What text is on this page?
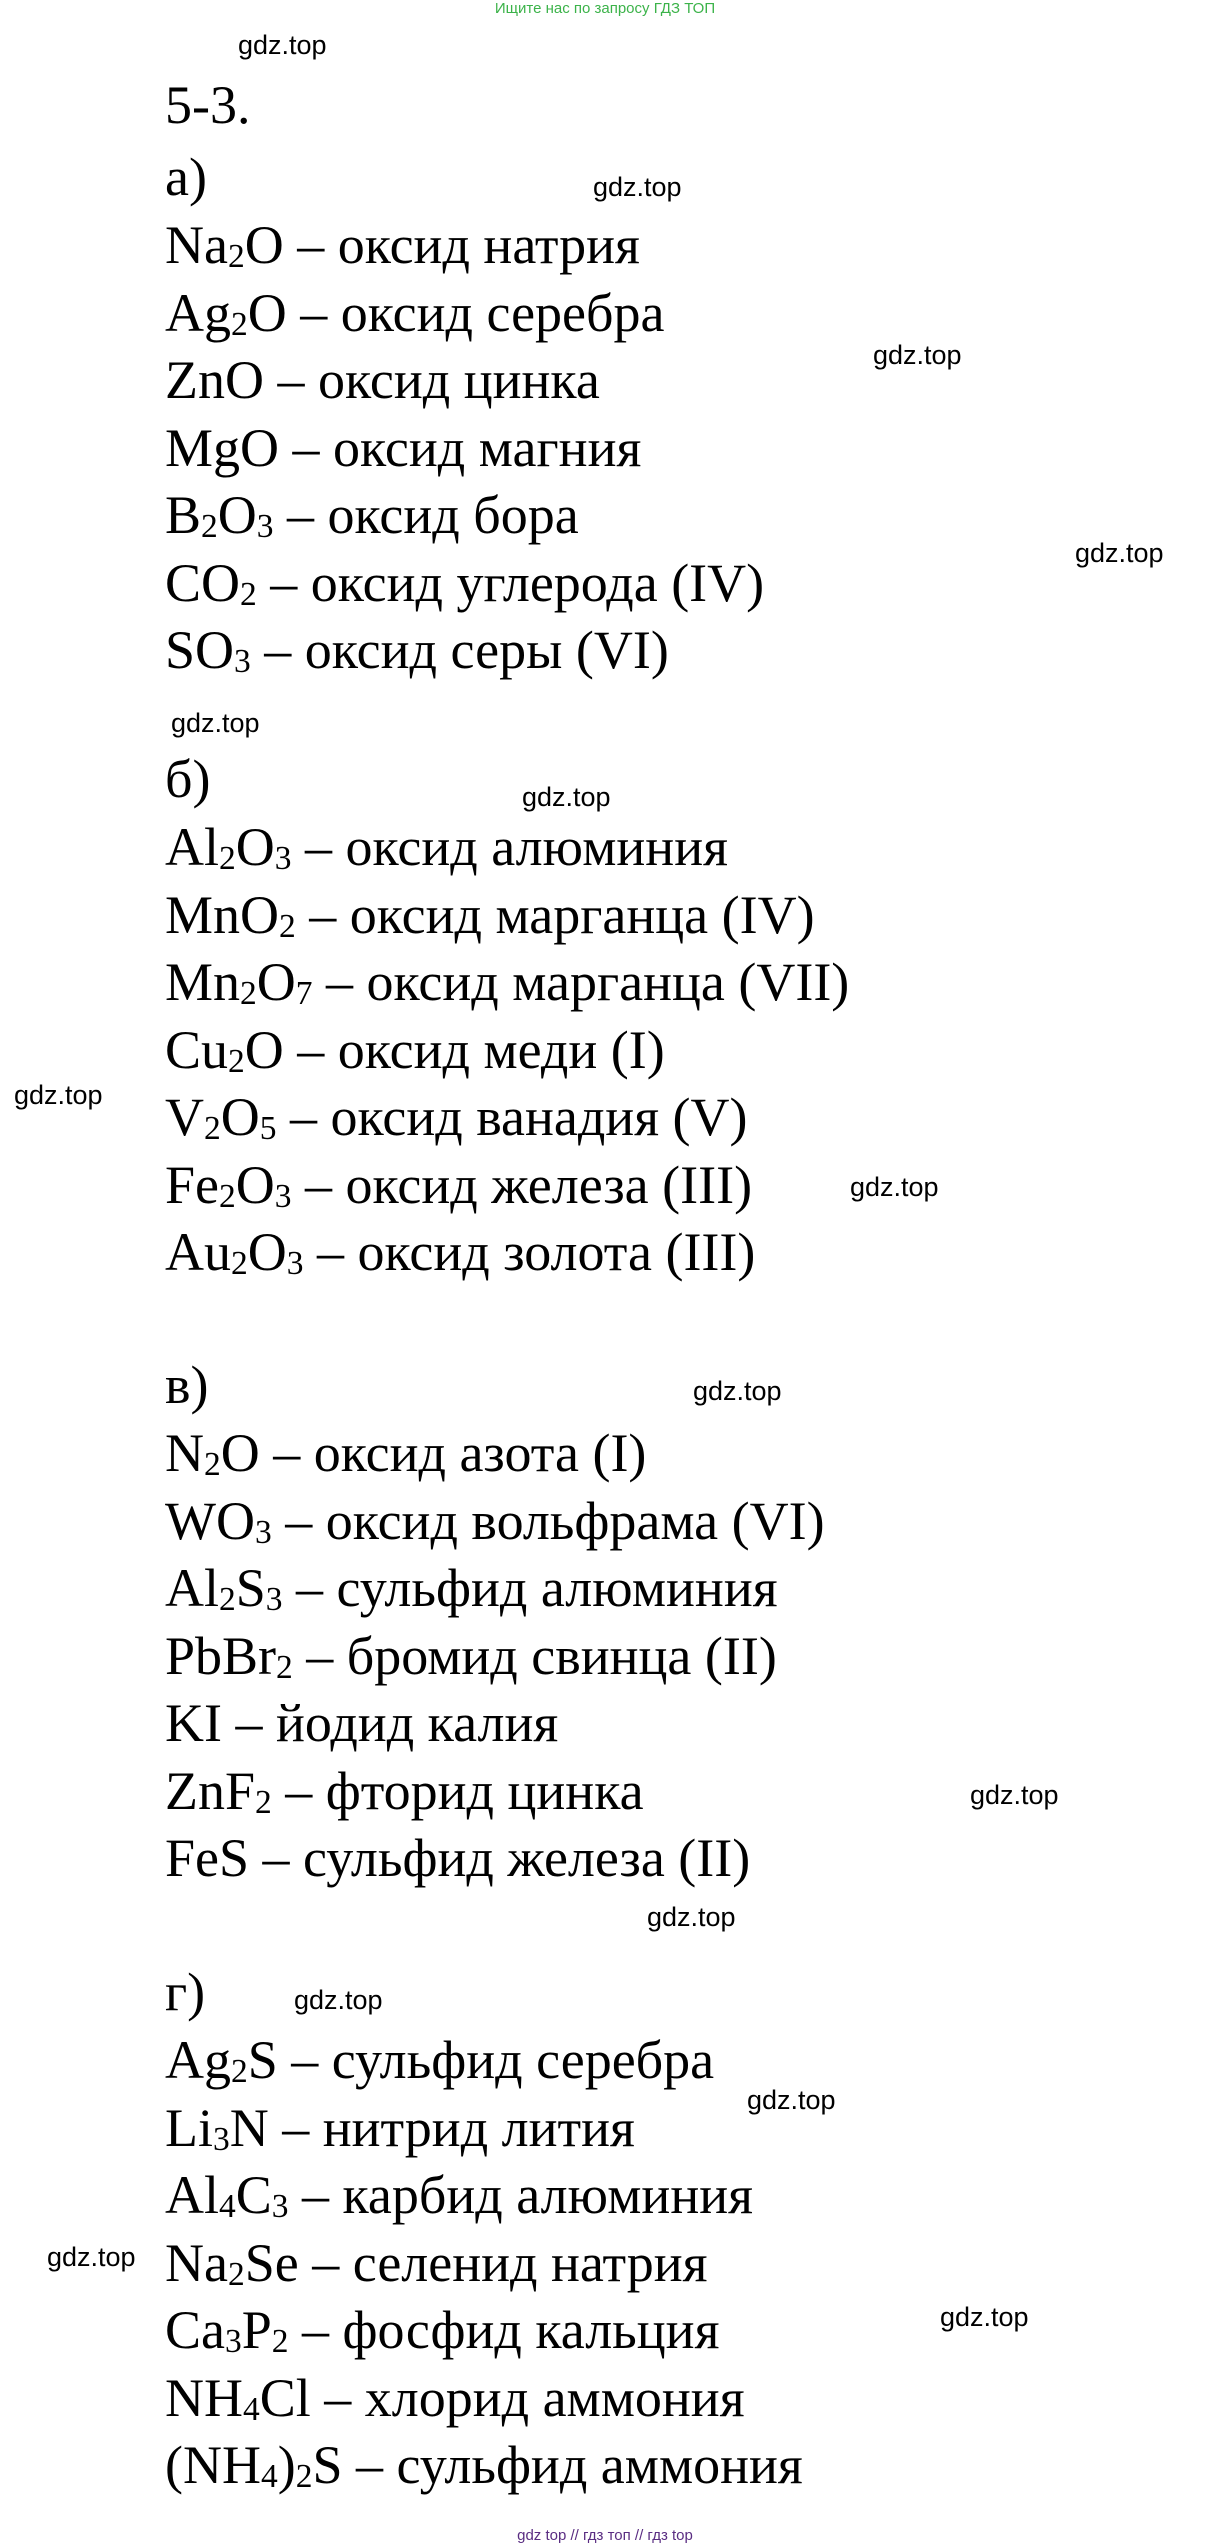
Ищите нас по запросу ГДЗ ТОП
5-3.
а)
$Na_2O$ – оксид натрия
$Ag_2O$ – оксид серебра
ZnO – оксид цинка
MgO – оксид магния
$B_2O_3$ – оксид бора
$CO_2$ – оксид углерода (IV)
$SO_3$ – оксид серы (VI)
б)
$Al_2O_3$ – оксид алюминия
MnO$_2$ – оксид марганца (IV)
$Mn_2O_7$ – оксид марганца (VII)
$Cu_2O$ – оксид меди (I)
$V_2O_5$ – оксид ванадия (V)
$Fe_2O_3$ – оксид железа (III)
$Au_2O_3$ – оксид золота (III)
в)
$N_2O$ – оксид азота (I)
$WO_3$ – оксид вольфрама (VI)
$Al_2S_3$ – сульфид алюминия
PbBr$_2$ – бромид свинца (II)
KI – йодид калия
ZnF$_2$ – фторид цинка
FeS – сульфид железа (II)
г)
$Ag_2S$ – сульфид серебра
$Li_3N$ – нитрид лития
$Al_4C_3$ – карбид алюминия
$Na_2Se$ – селенид натрия
$Ca_3P_2$ – фосфид кальция
$NH_4Cl$ – хлорид аммония
$(NH_4)_2S$ – сульфид аммония
gdz.top
gdz.top
gdz.top
gdz.top
gdz.top
gdz.top
gdz.top
gdz.top
gdz.top
gdz.top
gdz.top
gdz.top
gdz.top
gdz.top
gdz.top
gdz top // гдз топ // гдз top
